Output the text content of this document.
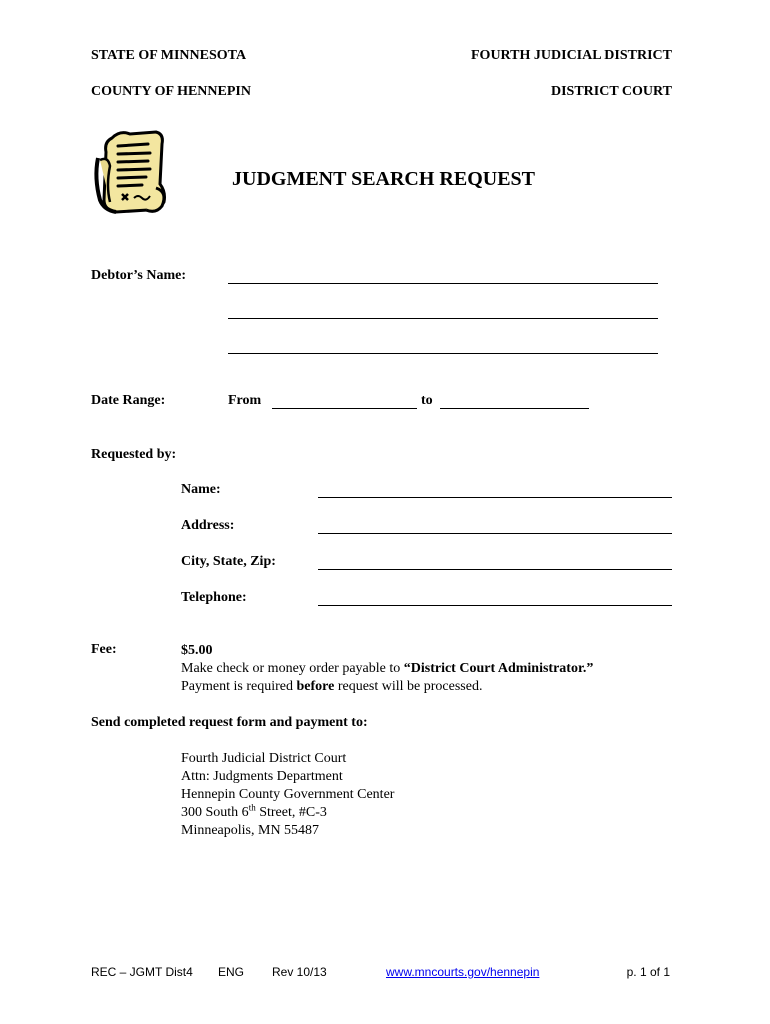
STATE OF MINNESOTA	FOURTH JUDICIAL DISTRICT
COUNTY OF HENNEPIN	DISTRICT COURT
JUDGMENT SEARCH REQUEST
Debtor’s Name:
Date Range:	From	to
Requested by:
Name:
Address:
City, State, Zip:
Telephone:
Fee:	$5.00
Make check or money order payable to “District Court Administrator.”
Payment is required before request will be processed.
Send completed request form and payment to:
Fourth Judicial District Court
Attn: Judgments Department
Hennepin County Government Center
300 South 6th Street, #C-3
Minneapolis, MN 55487
REC – JGMT Dist4 ENG Rev 10/13	www.mncourts.gov/hennepin	p. 1 of 1
